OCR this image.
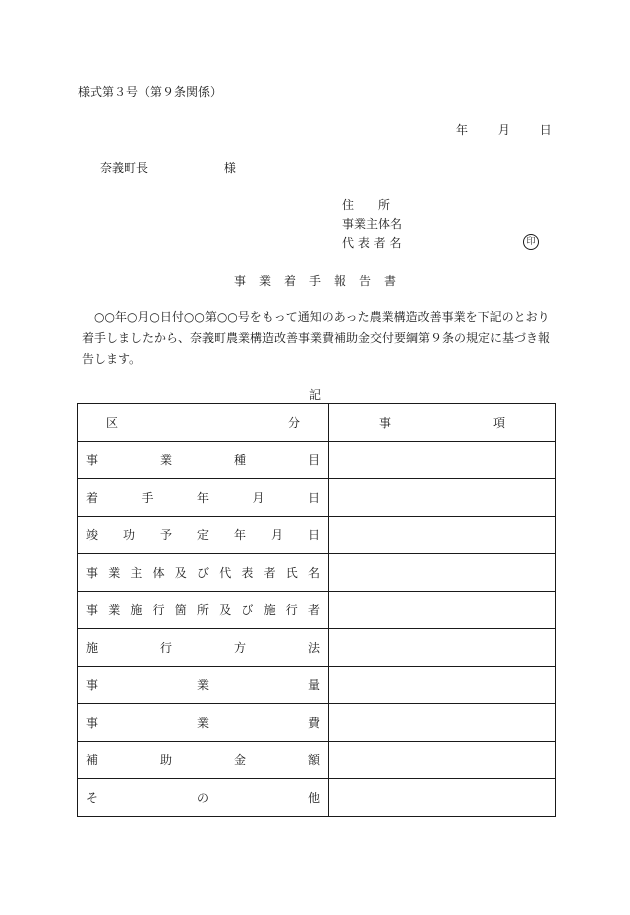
様式第３号（第９条関係）
年 月 日
奈義町長	様
住　　所
事業主体名
代 表 者 名	印
事業着手報告書
○○年○月○日付○○第○○号をもって通知のあった農業構造改善事業を下記のとおり着手しましたから、奈義町農業構造改善事業費補助金交付要綱第９条の規定に基づき報告します。
記
区　　分	事　　項
事業種目	
着手年月日	
竣功予定年月日	
事業主体及び代表者氏名	
事業施行箇所及び施行者	
施行方法	
事業量	
事業費	
補助金額	
その他	
